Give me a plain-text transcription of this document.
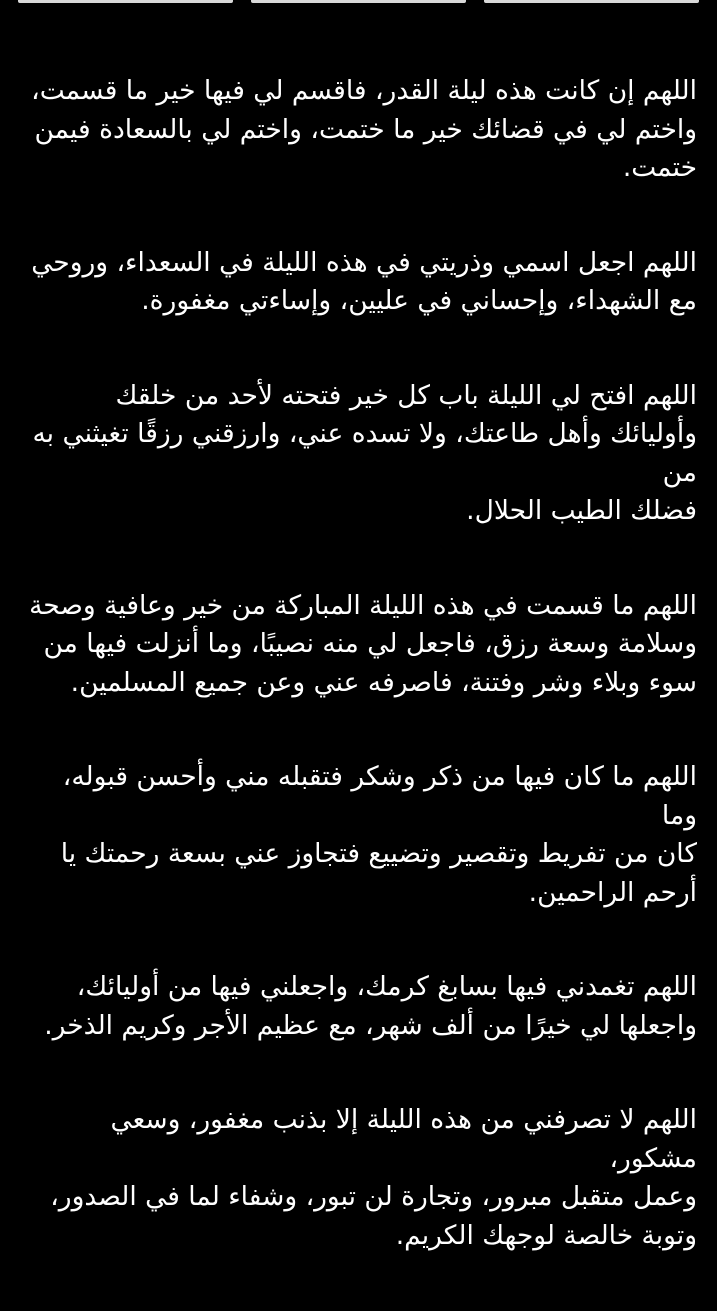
اللهم إن كانت هذه ليلة القدر، فاقسم لي فيها خير ما قسمت،
واختم لي في قضائك خير ما ختمت، واختم لي بالسعادة فيمن
ختمت.

اللهم اجعل اسمي وذريتي في هذه الليلة في السعداء، وروحي
مع الشهداء، وإحساني في عليين، وإساءتي مغفورة.

اللهم افتح لي الليلة باب كل خير فتحته لأحد من خلقك
وأوليائك وأهل طاعتك، ولا تسده عني، وارزقني رزقًا تغيثني به من
فضلك الطيب الحلال.

اللهم ما قسمت في هذه الليلة المباركة من خير وعافية وصحة
وسلامة وسعة رزق، فاجعل لي منه نصيبًا، وما أنزلت فيها من
سوء وبلاء وشر وفتنة، فاصرفه عني وعن جميع المسلمين.

اللهم ما كان فيها من ذكر وشكر فتقبله مني وأحسن قبوله، وما
كان من تفريط وتقصير وتضييع فتجاوز عني بسعة رحمتك يا
أرحم الراحمين.

اللهم تغمدني فيها بسابغ كرمك، واجعلني فيها من أوليائك،
واجعلها لي خيرًا من ألف شهر، مع عظيم الأجر وكريم الذخر.

اللهم لا تصرفني من هذه الليلة إلا بذنب مغفور، وسعي مشكور،
وعمل متقبل مبرور، وتجارة لن تبور، وشفاء لما في الصدور،
وتوبة خالصة لوجهك الكريم.
